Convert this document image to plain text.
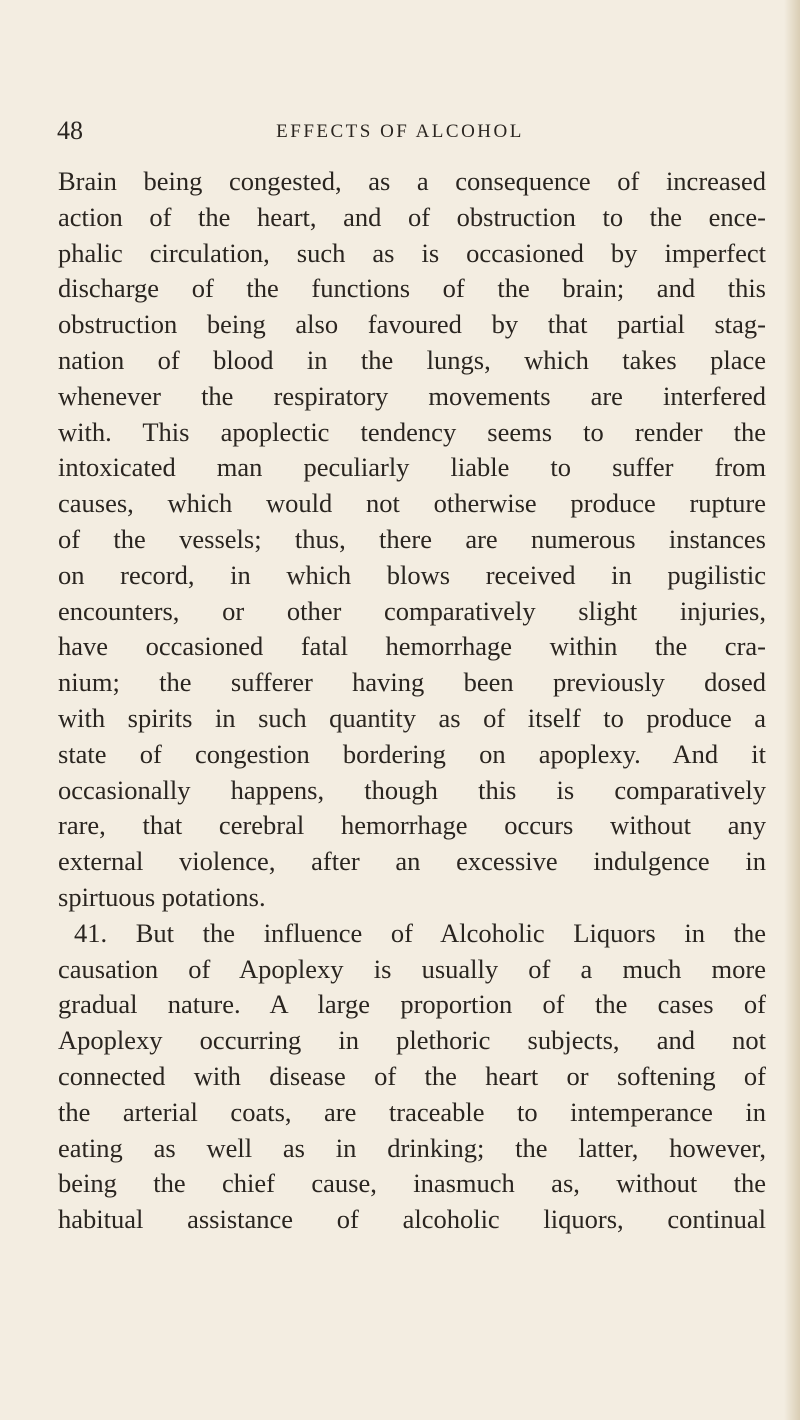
48	EFFECTS OF ALCOHOL
Brain being congested, as a consequence of increased
action of the heart, and of obstruction to the ence-
phalic circulation, such as is occasioned by imperfect
discharge of the functions of the brain; and this
obstruction being also favoured by that partial stag-
nation of blood in the lungs, which takes place
whenever the respiratory movements are interfered
with. This apoplectic tendency seems to render the
intoxicated man peculiarly liable to suffer from
causes, which would not otherwise produce rupture
of the vessels; thus, there are numerous instances
on record, in which blows received in pugilistic
encounters, or other comparatively slight injuries,
have occasioned fatal hemorrhage within the cra-
nium; the sufferer having been previously dosed
with spirits in such quantity as of itself to produce a
state of congestion bordering on apoplexy. And it
occasionally happens, though this is comparatively
rare, that cerebral hemorrhage occurs without any
external violence, after an excessive indulgence in
spirtuous potations.
41. But the influence of Alcoholic Liquors in the
causation of Apoplexy is usually of a much more
gradual nature. A large proportion of the cases of
Apoplexy occurring in plethoric subjects, and not
connected with disease of the heart or softening of
the arterial coats, are traceable to intemperance in
eating as well as in drinking; the latter, however,
being the chief cause, inasmuch as, without the
habitual assistance of alcoholic liquors, continual
